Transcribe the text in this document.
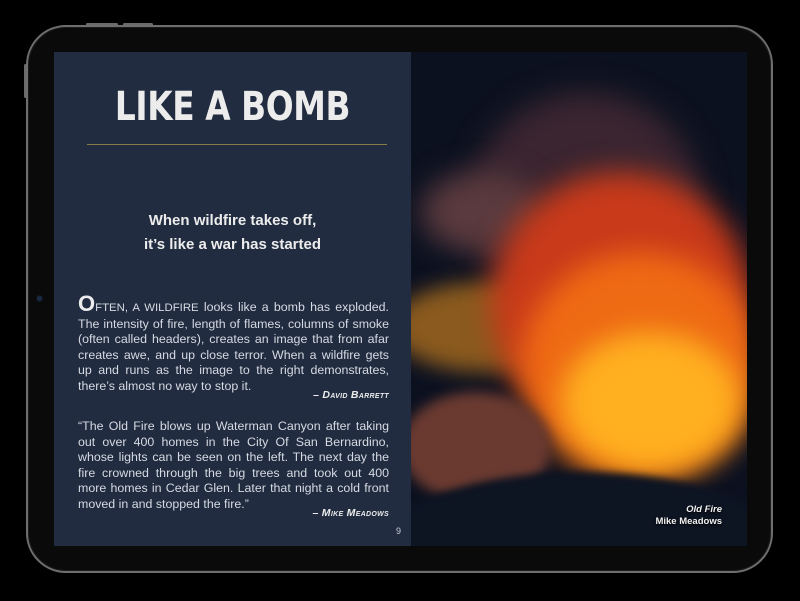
LIKE A BOMB
When wildfire takes off,
it’s like a war has started
OFTEN, A WILDFIRE looks like a bomb has exploded. The intensity of fire, length of flames, columns of smoke (often called headers), creates an image that from afar creates awe, and up close terror. When a wildfire gets up and runs as the image to the right demonstrates, there’s almost no way to stop it.
– David Barrett
“The Old Fire blows up Waterman Canyon after taking out over 400 homes in the City Of San Bernardino, whose lights can be seen on the left. The next day the fire crowned through the big trees and took out 400 more homes in Cedar Glen. Later that night a cold front moved in and stopped the fire.”
– Mike Meadows
9
Old Fire
Mike Meadows
